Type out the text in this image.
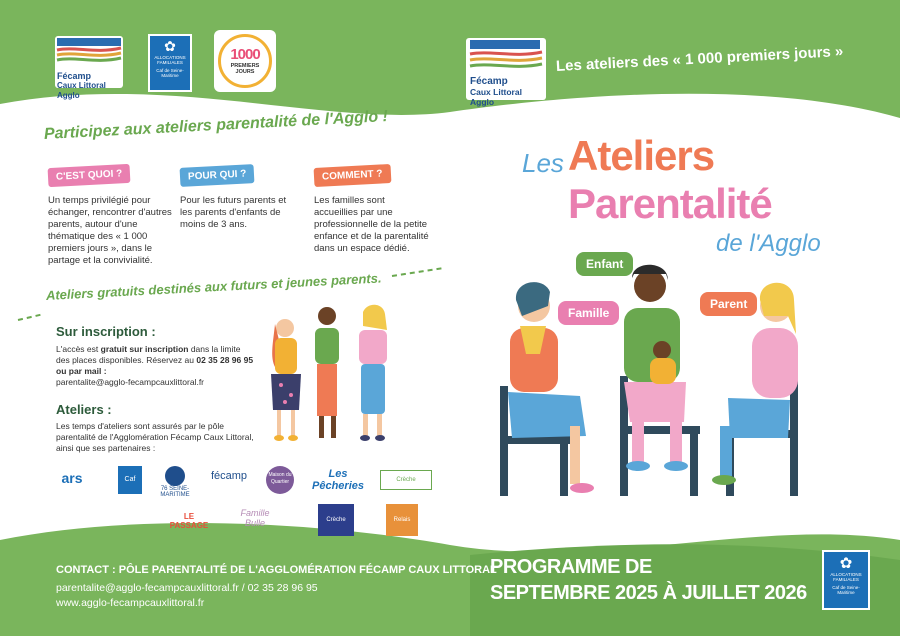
Fécamp
Caux Littoral Agglo
✿
ALLOCATIONS FAMILIALES
Caf de Seine-Maritime
1000
PREMIERS JOURS
Participez aux ateliers parentalité de l'Agglo !
C'EST QUOI ?
Un temps privilégié pour échanger, rencontrer d'autres parents, autour d'une thématique des « 1 000 premiers jours », dans le partage et la convivialité.
POUR QUI ?
Pour les futurs parents et les parents d'enfants de moins de 3 ans.
COMMENT ?
Les familles sont accueillies par une professionnelle de la petite enfance et de la parentalité dans un espace dédié.
Ateliers gratuits destinés aux futurs et jeunes parents.
Sur inscription :
L'accès est gratuit sur inscription dans la limite des places disponibles. Réservez au 02 35 28 96 95 ou par mail :
parentalite@agglo-fecampcauxlittoral.fr
Ateliers :
Les temps d'ateliers sont assurés par le pôle parentalité de l'Agglomération Fécamp Caux Littoral, ainsi que ses partenaires :
ars	Caf
76 SEINE-MARITIME
fécamp	Maison du Quartier
Les Pêcheries	Crèche
LE PASSAGE
Famille Bulle	Crèche	Relais
CONTACT : PÔLE PARENTALITÉ DE L'AGGLOMÉRATION FÉCAMP CAUX LITTORAL
parentalite@agglo-fecampcauxlittoral.fr / 02 35 28 96 95
www.agglo-fecampcauxlittoral.fr
Fécamp
Caux Littoral Agglo
Les ateliers des « 1 000 premiers jours »
Les Ateliers
Parentalité
de l'Agglo
Enfant
Famille
Parent
PROGRAMME DE
SEPTEMBRE 2025 À JUILLET 2026
✿
ALLOCATIONS FAMILIALES
Caf de Seine-Maritime
